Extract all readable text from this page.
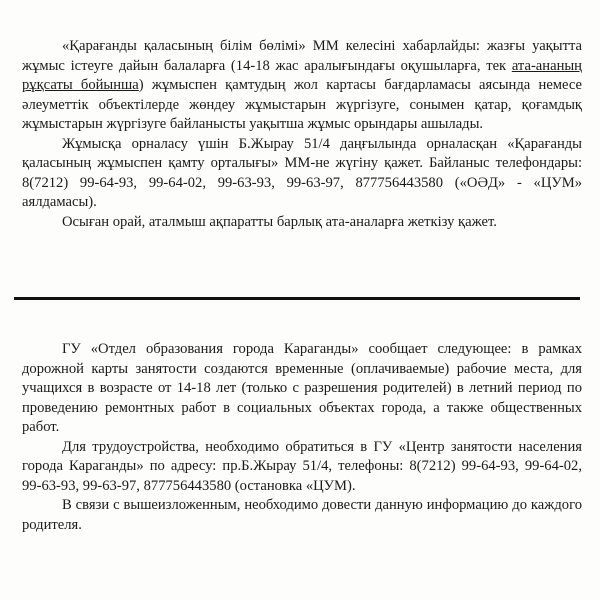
«Қарағанды қаласының білім бөлімі» ММ келесіні хабарлайды: жазғы уақытта жұмыс істеуге дайын балаларға (14-18 жас аралығындағы оқушыларға, тек ата-ананың рұқсаты бойынша) жұмыспен қамтудың жол картасы бағдарламасы аясында немесе әлеуметтік объектілерде жөндеу жұмыстарын жүргізуге, сонымен қатар, қоғамдық жұмыстарын жүргізуге байланысты уақытша жұмыс орындары ашылады.

Жұмысқа орналасу үшін Б.Жырау 51/4 даңғылында орналасқан «Қарағанды қаласының жұмыспен қамту орталығы» ММ-не жүгіну қажет. Байланыс телефондары: 8(7212) 99-64-93, 99-64-02, 99-63-93, 99-63-97, 877756443580 («ОӘД» - «ЦУМ» аялдамасы).

Осыған орай, аталмыш ақпаратты барлық ата-аналарға жеткізу қажет.

ГУ «Отдел образования города Караганды» сообщает следующее: в рамках дорожной карты занятости создаются временные (оплачиваемые) рабочие места, для учащихся в возрасте от 14-18 лет (только с разрешения родителей) в летний период по проведению ремонтных работ в социальных объектах города, а также общественных работ.

Для трудоустройства, необходимо обратиться в ГУ «Центр занятости населения города Караганды» по адресу: пр.Б.Жырау 51/4, телефоны: 8(7212) 99-64-93, 99-64-02, 99-63-93, 99-63-97, 877756443580 (остановка «ЦУМ).

В связи с вышеизложенным, необходимо довести данную информацию до каждого родителя.
